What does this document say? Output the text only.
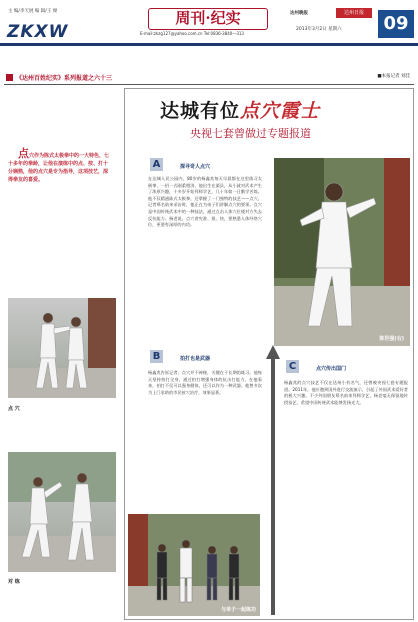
主 编/李天展 编 辑/王 俊
ZKXW
周刊·纪实
E-mail:zkzg127@yahoo.com.cn Tel:0836-3840—313
达州晚报	达州日报
2013年3月2日 星期六	09
《达州百姓纪实》系列报道之六十三	■本报记者 刘佳
点穴作为陈式太极拳中的一大特色，七十多年的拳龄，让他在演练中的点、按、打十分娴熟，他的点穴是专为指导，这项技艺，深得拳友的喜爱。
点 穴
对 练
达城有位点穴霞士
央视七套曾做过专题报道
A	探寻奇人点穴
在达城人民公园内，80岁的杨鑫兆每天早晨都在这里练习太极拳，一招一式刚柔相济。他出生在渠县，从小就对武术产生了浓厚兴趣，十多岁开始拜师学艺，几十年如一日勤学苦练。他不仅精通陈式太极拳，还掌握了一门独特的技艺——点穴。记者慕名前来采访时，他正在为弟子们讲解点穴的要领。点穴是中国传统武术中的一种技法，通过点击人体穴位使对方失去反抗能力。杨老说，点穴讲究准、狠、快，要熟悉人体经络穴位，更要有深厚的内功。
陈世强(右)
B	拍打也是武器
杨鑫兆告诉记者，点穴并不神秘，关键在于长期的练习。他每天坚持拍打全身，通过拍打增强身体的抗击打能力。在他看来，拍打不仅可以强身健体，还可以作为一种武器。他曾多次为上门求助的市民按穴治疗，效果显著。
与弟子一起练功
C	点穴传出国门
杨鑫兆的点穴技艺不仅在达州小有名气，还曾被央视七套专题报道。2011年，他应邀到国外进行交流演示，引起了外国武术爱好者的极大兴趣。不少外国朋友慕名前来拜师学艺，杨老毫无保留地传授技艺，希望中国传统武术能够发扬光大。
